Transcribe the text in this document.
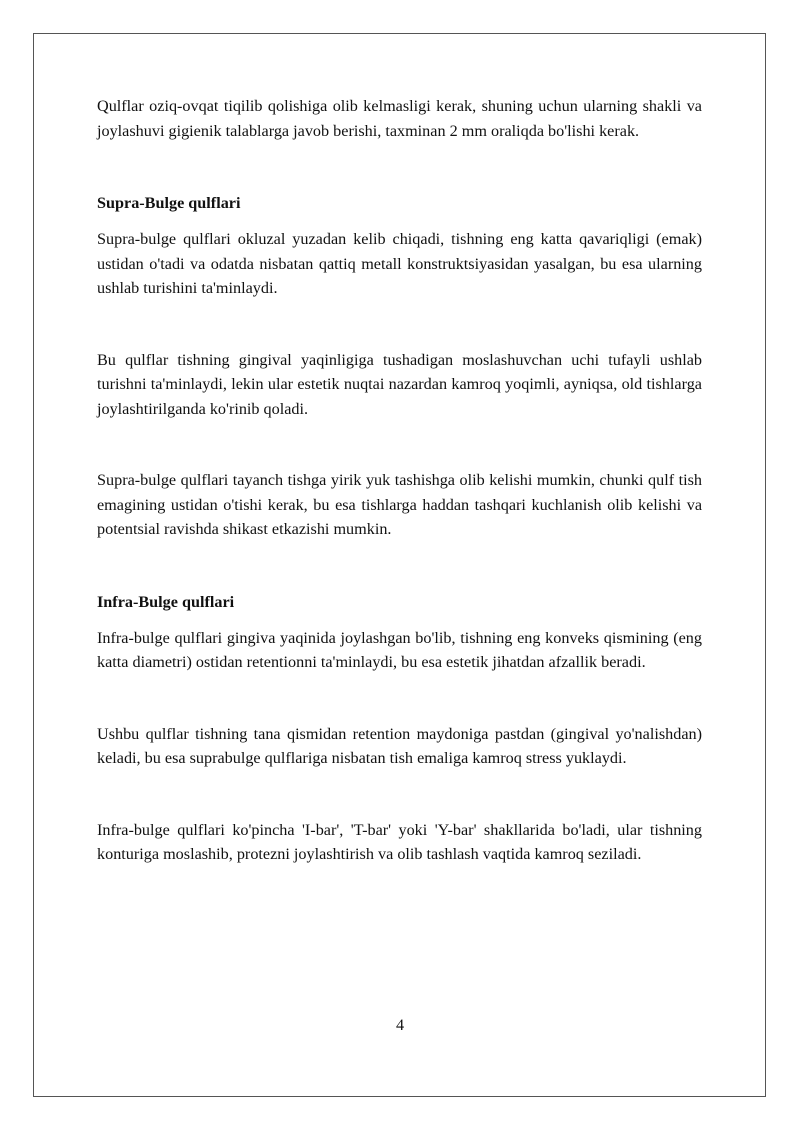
Qulflar oziq-ovqat tiqilib qolishiga olib kelmasligi kerak, shuning uchun ularning shakli va joylashuvi gigienik talablarga javob berishi, taxminan 2 mm oraliqda bo'lishi kerak.

Supra-Bulge qulflari

Supra-bulge qulflari okluzal yuzadan kelib chiqadi, tishning eng katta qavariqligi (emak) ustidan o'tadi va odatda nisbatan qattiq metall konstruktsiyasidan yasalgan, bu esa ularning ushlab turishini ta'minlaydi.

Bu qulflar tishning gingival yaqinligiga tushadigan moslashuvchan uchi tufayli ushlab turishni ta'minlaydi, lekin ular estetik nuqtai nazardan kamroq yoqimli, ayniqsa, old tishlarga joylashtirilganda ko'rinib qoladi.

Supra-bulge qulflari tayanch tishga yirik yuk tashishga olib kelishi mumkin, chunki qulf tish emagining ustidan o'tishi kerak, bu esa tishlarga haddan tashqari kuchlanish olib kelishi va potentsial ravishda shikast etkazishi mumkin.

Infra-Bulge qulflari

Infra-bulge qulflari gingiva yaqinida joylashgan bo'lib, tishning eng konveks qismining (eng katta diametri) ostidan retentionni ta'minlaydi, bu esa estetik jihatdan afzallik beradi.

Ushbu qulflar tishning tana qismidan retention maydoniga pastdan (gingival yo'nalishdan) keladi, bu esa suprabulge qulflariga nisbatan tish emaliga kamroq stress yuklaydi.

Infra-bulge qulflari ko'pincha 'I-bar', 'T-bar' yoki 'Y-bar' shakllarida bo'ladi, ular tishning konturiga moslashib, protezni joylashtirish va olib tashlash vaqtida kamroq seziladi.

4
